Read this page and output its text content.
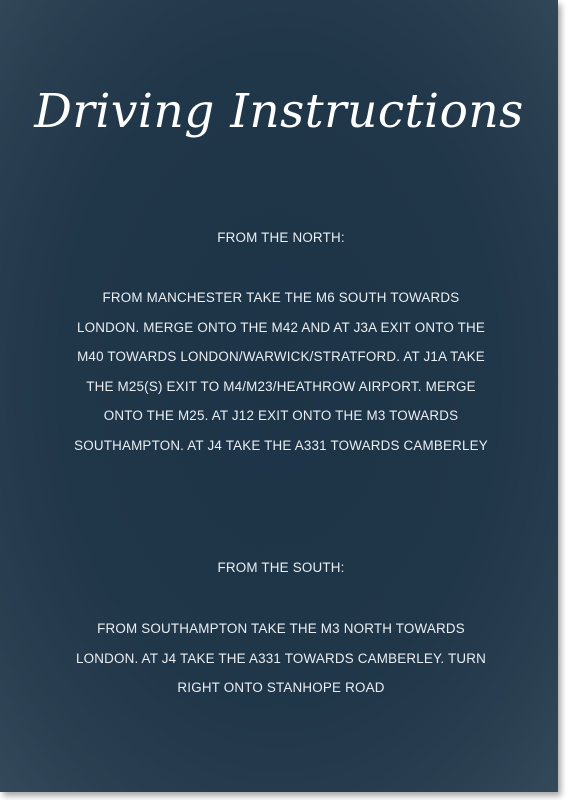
Driving Instructions
FROM THE NORTH:
FROM MANCHESTER TAKE THE M6 SOUTH TOWARDS LONDON. MERGE ONTO THE M42 AND AT J3A EXIT ONTO THE M40 TOWARDS LONDON/WARWICK/STRATFORD. AT J1A TAKE THE M25(S) EXIT TO M4/M23/HEATHROW AIRPORT. MERGE ONTO THE M25. AT J12 EXIT ONTO THE M3 TOWARDS SOUTHAMPTON. AT J4 TAKE THE A331 TOWARDS CAMBERLEY
FROM THE SOUTH:
FROM SOUTHAMPTON TAKE THE M3 NORTH TOWARDS LONDON. AT J4 TAKE THE A331 TOWARDS CAMBERLEY. TURN RIGHT ONTO STANHOPE ROAD
